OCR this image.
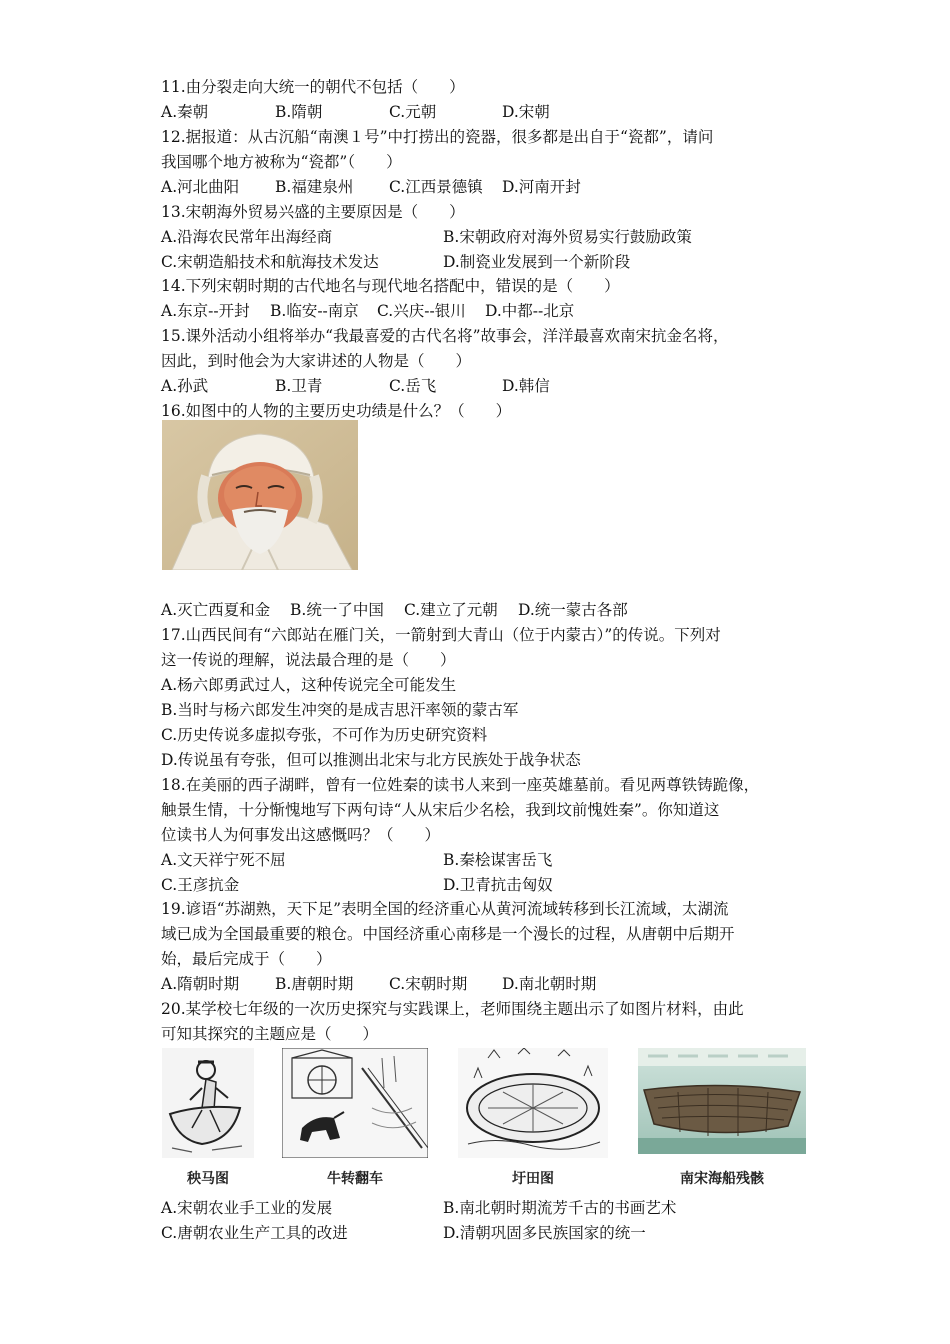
11.由分裂走向大统一的朝代不包括（　　）
A.秦朝	B.隋朝	C.元朝	D.宋朝
12.据报道：从古沉船“南澳１号”中打捞出的瓷器，很多都是出自于“瓷都”，请问
我国哪个地方被称为“瓷都”（　　）
A.河北曲阳 B.福建泉州 C.江西景德镇 D.河南开封
13.宋朝海外贸易兴盛的主要原因是（　　）
A.沿海农民常年出海经商	B.宋朝政府对海外贸易实行鼓励政策
C.宋朝造船技术和航海技术发达	D.制瓷业发展到一个新阶段
14.下列宋朝时期的古代地名与现代地名搭配中，错误的是（　　）
A.东京--开封 B.临安--南京 C.兴庆--银川 D.中都--北京
15.课外活动小组将举办“我最喜爱的古代名将”故事会，洋洋最喜欢南宋抗金名将，
因此，到时他会为大家讲述的人物是（　　）
A.孙武	B.卫青	C.岳飞	D.韩信
16.如图中的人物的主要历史功绩是什么？（　　）
A.灭亡西夏和金 B.统一了中国 C.建立了元朝 D.统一蒙古各部
17.山西民间有“六郎站在雁门关，一箭射到大青山（位于内蒙古）”的传说。下列对
这一传说的理解，说法最合理的是（　　）
A.杨六郎勇武过人，这种传说完全可能发生
B.当时与杨六郎发生冲突的是成吉思汗率领的蒙古军
C.历史传说多虚拟夸张，不可作为历史研究资料
D.传说虽有夸张，但可以推测出北宋与北方民族处于战争状态
18.在美丽的西子湖畔，曾有一位姓秦的读书人来到一座英雄墓前。看见两尊铁铸跪像，
触景生情，十分惭愧地写下两句诗“人从宋后少名桧，我到坟前愧姓秦”。你知道这
位读书人为何事发出这感慨吗？（　　）
A.文天祥宁死不屈	B.秦桧谋害岳飞
C.王彦抗金	D.卫青抗击匈奴
19.谚语“苏湖熟，天下足”表明全国的经济重心从黄河流域转移到长江流域，太湖流
域已成为全国最重要的粮仓。中国经济重心南移是一个漫长的过程，从唐朝中后期开
始，最后完成于（　　）
A.隋朝时期 B.唐朝时期 C.宋朝时期 D.南北朝时期
20.某学校七年级的一次历史探究与实践课上，老师围绕主题出示了如图片材料，由此
可知其探究的主题应是（　　）
秧马图	牛转翻车	圩田图	南宋海船残骸
A.宋朝农业手工业的发展	B.南北朝时期流芳千古的书画艺术
C.唐朝农业生产工具的改进	D.清朝巩固多民族国家的统一
